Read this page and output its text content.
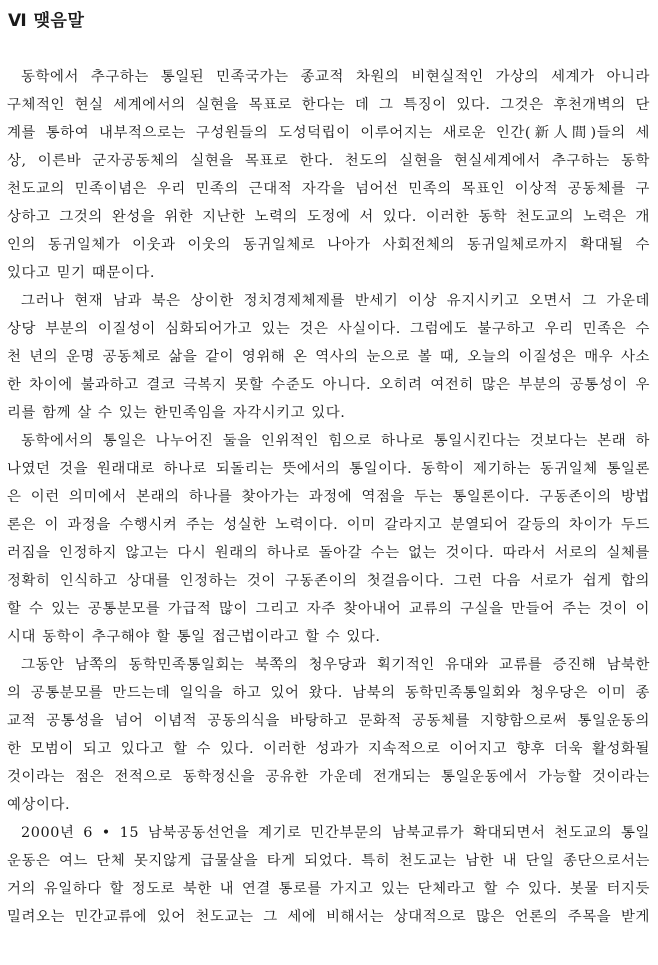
Ⅵ 맺음말

동학에서 추구하는 통일된 민족국가는 종교적 차원의 비현실적인 가상의 세계가 아니라
구체적인 현실 세계에서의 실현을 목표로 한다는 데 그 특징이 있다. 그것은 후천개벽의 단
계를 통하여 내부적으로는 구성원들의 도성덕립이 이루어지는 새로운 인간(新人間)들의 세
상, 이른바 군자공동체의 실현을 목표로 한다. 천도의 실현을 현실세계에서 추구하는 동학
천도교의 민족이념은 우리 민족의 근대적 자각을 넘어선 민족의 목표인 이상적 공동체를 구
상하고 그것의 완성을 위한 지난한 노력의 도정에 서 있다. 이러한 동학 천도교의 노력은 개
인의 동귀일체가 이웃과 이웃의 동귀일체로 나아가 사회전체의 동귀일체로까지 확대될 수
있다고 믿기 때문이다.

그러나 현재 남과 북은 상이한 정치경제체제를 반세기 이상 유지시키고 오면서 그 가운데
상당 부분의 이질성이 심화되어가고 있는 것은 사실이다. 그럼에도 불구하고 우리 민족은 수
천 년의 운명 공동체로 삶을 같이 영위해 온 역사의 눈으로 볼 때, 오늘의 이질성은 매우 사소
한 차이에 불과하고 결코 극복지 못할 수준도 아니다. 오히려 여전히 많은 부분의 공통성이 우
리를 함께 살 수 있는 한민족임을 자각시키고 있다.

동학에서의 통일은 나누어진 둘을 인위적인 힘으로 하나로 통일시킨다는 것보다는 본래 하
나였던 것을 원래대로 하나로 되돌리는 뜻에서의 통일이다. 동학이 제기하는 동귀일체 통일론
은 이런 의미에서 본래의 하나를 찾아가는 과정에 역점을 두는 통일론이다. 구동존이의 방법
론은 이 과정을 수행시켜 주는 성실한 노력이다. 이미 갈라지고 분열되어 갈등의 차이가 두드
러짐을 인정하지 않고는 다시 원래의 하나로 돌아갈 수는 없는 것이다. 따라서 서로의 실체를
정확히 인식하고 상대를 인정하는 것이 구동존이의 첫걸음이다. 그런 다음 서로가 쉽게 합의
할 수 있는 공통분모를 가급적 많이 그리고 자주 찾아내어 교류의 구실을 만들어 주는 것이 이
시대 동학이 추구해야 할 통일 접근법이라고 할 수 있다.

그동안 남쪽의 동학민족통일회는 북쪽의 청우당과 획기적인 유대와 교류를 증진해 남북한
의 공통분모를 만드는데 일익을 하고 있어 왔다. 남북의 동학민족통일회와 청우당은 이미 종
교적 공통성을 넘어 이념적 공동의식을 바탕하고 문화적 공동체를 지향함으로써 통일운동의
한 모범이 되고 있다고 할 수 있다. 이러한 성과가 지속적으로 이어지고 향후 더욱 활성화될
것이라는 점은 전적으로 동학정신을 공유한 가운데 전개되는 통일운동에서 가능할 것이라는
예상이다.

2000년 6 • 15 남북공동선언을 계기로 민간부문의 남북교류가 확대되면서 천도교의 통일
운동은 여느 단체 못지않게 급물살을 타게 되었다. 특히 천도교는 남한 내 단일 종단으로서는
거의 유일하다 할 정도로 북한 내 연결 통로를 가지고 있는 단체라고 할 수 있다. 봇물 터지듯
밀려오는 민간교류에 있어 천도교는 그 세에 비해서는 상대적으로 많은 언론의 주목을 받게
